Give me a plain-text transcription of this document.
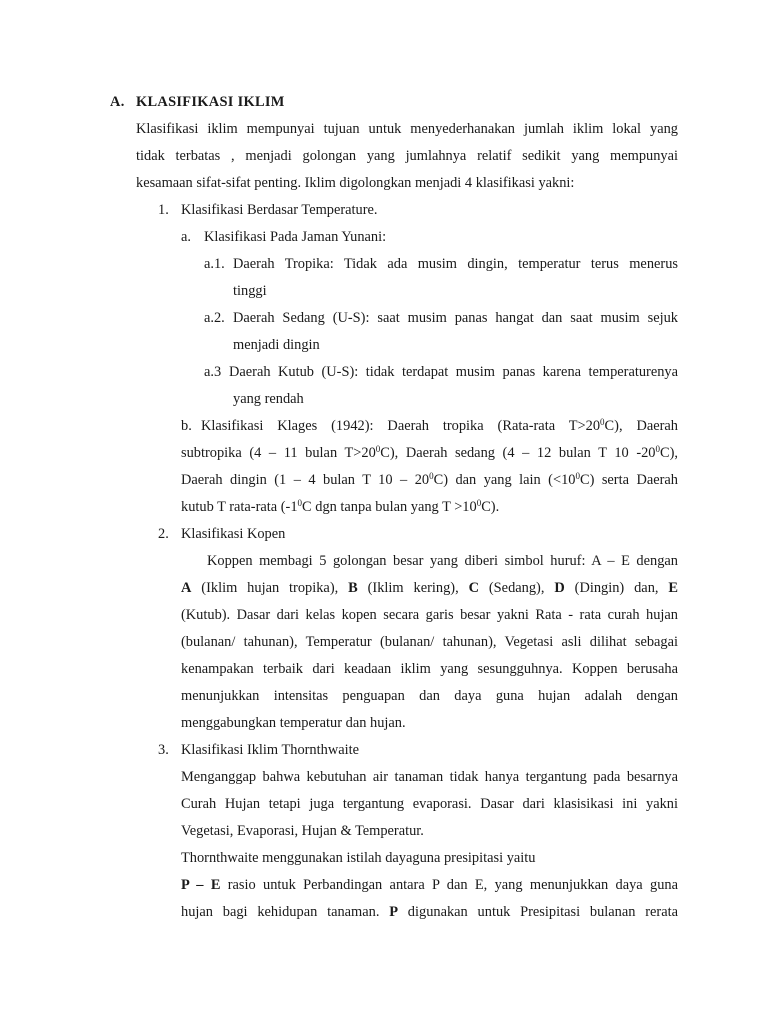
A. KLASIFIKASI IKLIM
Klasifikasi iklim mempunyai tujuan untuk menyederhanakan jumlah iklim lokal yang
tidak terbatas , menjadi golongan yang jumlahnya relatif sedikit yang mempunyai
kesamaan sifat-sifat penting. Iklim digolongkan menjadi 4 klasifikasi yakni:
1. Klasifikasi Berdasar Temperature.
a. Klasifikasi Pada Jaman Yunani:
a.1. Daerah Tropika: Tidak ada musim dingin, temperatur terus menerus
tinggi
a.2. Daerah Sedang (U-S): saat musim panas hangat dan saat musim sejuk
menjadi dingin
a.3 Daerah Kutub (U-S): tidak terdapat musim panas karena temperaturenya
yang rendah
b. Klasifikasi Klages (1942): Daerah tropika (Rata-rata $T>20^0C$), Daerah
subtropika (4 – 11 bulan $T>20^0C$), Daerah sedang (4 – 12 bulan T 10 $-20^0C$),
Daerah dingin (1 – 4 bulan T $10 - 20^0C$) dan yang lain $(<10^0C)$ serta Daerah
kutub T rata-rata ($-1^0C$ dgn tanpa bulan yang $T >10^0C$).
2. Klasifikasi Kopen
Koppen membagi 5 golongan besar yang diberi simbol huruf: A – E dengan
A (Iklim hujan tropika), B (Iklim kering), C (Sedang), D (Dingin) dan, E
(Kutub). Dasar dari kelas kopen secara garis besar yakni Rata - rata curah hujan
(bulanan/ tahunan), Temperatur (bulanan/ tahunan), Vegetasi asli dilihat sebagai
kenampakan terbaik dari keadaan iklim yang sesungguhnya. Koppen berusaha
menunjukkan intensitas penguapan dan daya guna hujan adalah dengan
menggabungkan temperatur dan hujan.
3. Klasifikasi Iklim Thornthwaite
Menganggap bahwa kebutuhan air tanaman tidak hanya tergantung pada besarnya
Curah Hujan tetapi juga tergantung evaporasi. Dasar dari klasisikasi ini yakni
Vegetasi, Evaporasi, Hujan & Temperatur.
Thornthwaite menggunakan istilah dayaguna presipitasi yaitu
P – E rasio untuk Perbandingan antara P dan E, yang menunjukkan daya guna
hujan bagi kehidupan tanaman. P digunakan untuk Presipitasi bulanan rerata
